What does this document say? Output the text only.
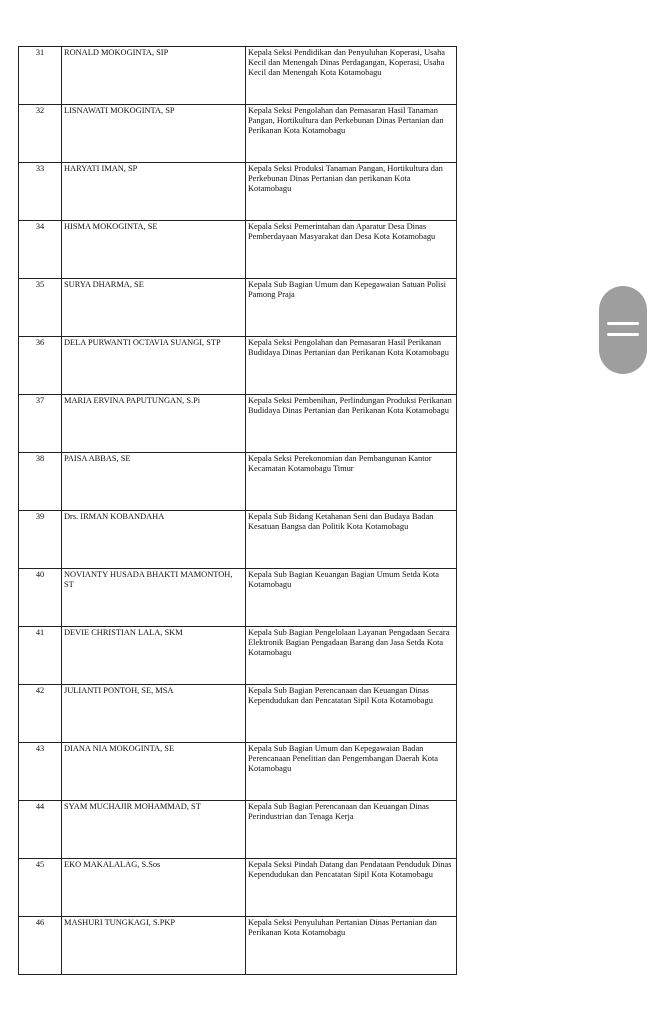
31	RONALD MOKOGINTA, SIP	Kepala Seksi Pendidikan dan Penyuluhan Koperasi, Usaha Kecil dan Menengah Dinas Perdagangan, Koperasi, Usaha Kecil dan Menengah Kota Kotamobagu
32	LISNAWATI MOKOGINTA, SP	Kepala Seksi Pengolahan dan Pemasaran Hasil Tanaman Pangan, Hortikultura dan Perkebunan Dinas Pertanian dan Perikanan Kota Kotamobagu
33	HARYATI IMAN, SP	Kepala Seksi Produksi Tanaman Pangan, Hortikultura dan Perkebunan Dinas Pertanian dan perikanan Kota Kotamobagu
34	HISMA MOKOGINTA, SE	Kepala Seksi Pemerintahan dan Aparatur Desa Dinas Pemberdayaan Masyarakat dan Desa Kota Kotamobagu
35	SURYA DHARMA, SE	Kepala Sub Bagian Umum dan Kepegawaian Satuan Polisi Pamong Praja
36	DELA PURWANTI OCTAVIA SUANGI, STP	Kepala Seksi Pengolahan dan Pemasaran Hasil Perikanan Budidaya Dinas Pertanian dan Perikanan Kota Kotamobagu
37	MARIA ERVINA PAPUTUNGAN, S.Pi	Kepala Seksi Pembenihan, Perlindungan Produksi Perikanan Budidaya Dinas Pertanian dan Perikanan Kota Kotamobagu
38	PAISA ABBAS, SE	Kepala Seksi Perekonomian dan Pembangunan Kantor Kecamatan Kotamobagu Timur
39	Drs. IRMAN KOBANDAHA	Kepala Sub Bidang Ketahanan Seni dan Budaya Badan Kesatuan Bangsa dan Politik Kota Kotamobagu
40	NOVIANTY HUSADA BHAKTI MAMONTOH, ST	Kepala Sub Bagian Keuangan Bagian Umum Setda Kota Kotamobagu
41	DEVIE CHRISTIAN LALA, SKM	Kepala Sub Bagian Pengelolaan Layanan Pengadaan Secara Elektronik Bagian Pengadaan Barang dan Jasa Setda Kota Kotamobagu
42	JULIANTI PONTOH, SE, MSA	Kepala Sub Bagian Perencanaan dan Keuangan Dinas Kependudukan dan Pencatatan Sipil Kota Kotamobagu
43	DIANA NIA MOKOGINTA, SE	Kepala Sub Bagian Umum dan Kepegawaian Badan Perencanaan Penelitian dan Pengembangan Daerah Kota Kotamobagu
44	SYAM MUCHAJIR MOHAMMAD, ST	Kepala Sub Bagian Perencanaan dan Keuangan Dinas Perindustrian dan Tenaga Kerja
45	EKO MAKALALAG, S.Sos	Kepala Seksi Pindah Datang dan Pendataan Penduduk Dinas Kependudukan dan Pencatatan Sipil Kota Kotamobagu
46	MASHURI TUNGKAGI, S.PKP	Kepala Seksi Penyuluhan Pertanian Dinas Pertanian dan Perikanan Kota Kotamobagu
